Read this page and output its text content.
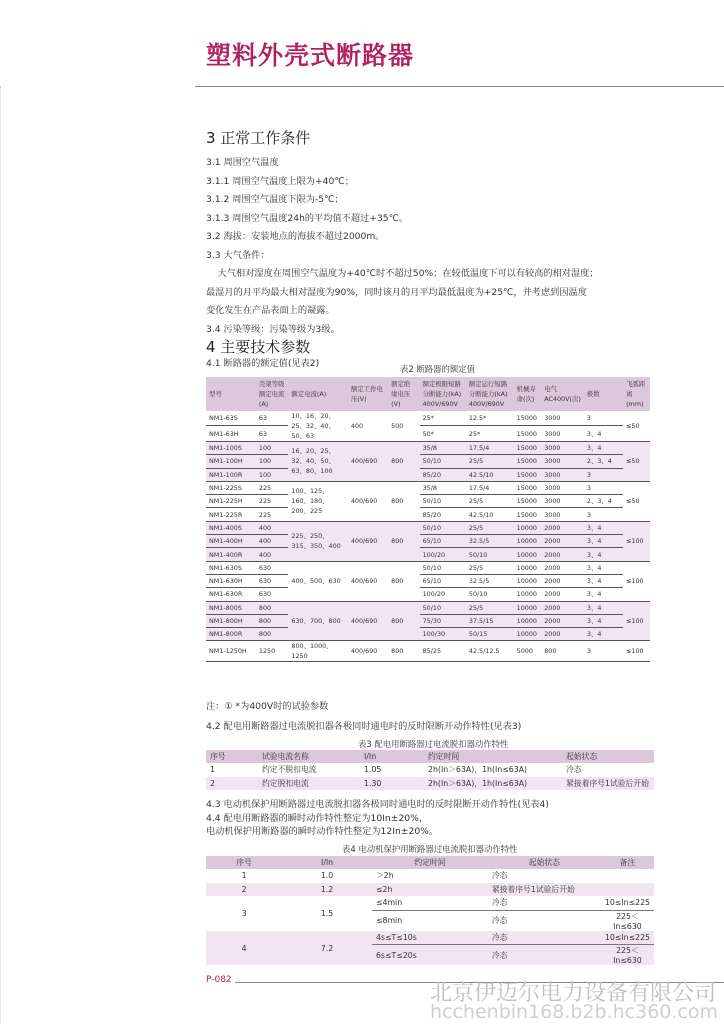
塑料外壳式断路器
3 正常工作条件

3.1 周围空气温度

3.1.1 周围空气温度上限为+40℃；

3.1.2 周围空气温度下限为-5℃；

3.1.3 周围空气温度24h的平均值不超过+35℃。

3.2 海拔：安装地点的海拔不超过2000m。

3.3 大气条件：

大气相对湿度在周围空气温度为+40℃时不超过50%；在较低温度下可以有较高的相对湿度；

最湿月的月平均最大相对湿度为90%，同时该月的月平均最低温度为+25℃，并考虑到因温度

变化发生在产品表面上的凝露。

3.4 污染等级：污染等级为3级。

4 主要技术参数
4.1 断路器的额定值(见表2)	表2 断路器的额定值
型号	壳架等级额定电流(A)	额定电流(A)	额定工作电压(V)	额定绝缘电压(V)	额定极限短路分断能力(kA) 400V/690V	额定运行短路分断能力(kA) 400V/690V	机械寿命(次)	电气AC400V(次)	极数	飞弧距离(mm)
NM1-63S	63	10、16、20、25、32、40、50、63	400	500	25*	12.5*	15000	3000	3	≤50
NM1-63H	63				50*	25*	15000	3000	3、4	
NM1-100S	100	16、20、25、32、40、50、63、80、100	400/690	800	35/8	17.5/4	15000	3000	3、4	≤50
NM1-100H	100				50/10	25/5	15000	3000	2、3、4	
NM1-100R	100				85/20	42.5/10	15000	3000	3	
NM1-225S	225	100、125、160、180、200、225	400/690	800	35/8	17.5/4	15000	3000	3	≤50
NM1-225H	225				50/10	25/5	15000	3000	2、3、4	
NM1-225R	225				85/20	42.5/10	15000	3000	3	
NM1-400S	400	225、250、315、350、400	400/690	800	50/10	25/5	10000	2000	3、4	≤100
NM1-400H	400				65/10	32.5/5	10000	2000	3、4	
NM1-400R	400				100/20	50/10	10000	2000	3、4	
NM1-630S	630	400、500、630	400/690	800	50/10	25/5	10000	2000	3、4	≤100
NM1-630H	630				65/10	32.5/5	10000	2000	3、4	
NM1-630R	630				100/20	50/10	10000	2000	3、4	
NM1-800S	800	630、700、800	400/690	800	50/10	25/5	10000	2000	3、4	≤100
NM1-800H	800				75/30	37.5/15	10000	2000	3、4	
NM1-800R	800				100/30	50/15	10000	2000	3、4	
NM1-1250H	1250	800、1000、1250	400/690	800	85/25	42.5/12.5	5000	800	3	≤100
注：① *为400V时的试验参数
4.2 配电用断路器过电流脱扣器各极同时通电时的反时限断开动作特性(见表3)
表3 配电用断路器过电流脱扣器动作特性
序号	试验电流名称	I/In	约定时间	起始状态
1	约定不脱扣电流	1.05	2h(In＞63A)，1h(In≤63A)	冷态
2	约定脱扣电流	1.30	2h(In＞63A)，1h(In≤63A)	紧接着序号1试验后开始
4.3 电动机保护用断路器过电流脱扣器各极同时通电时的反时限断开动作特性(见表4)
4.4 配电用断路器的瞬时动作特性整定为10In±20%，
电动机保护用断路器的瞬时动作特性整定为12In±20%。
表4 电动机保护用断路器过电流脱扣器动作特性
序号	I/In	约定时间	起始状态	备注
1	1.0	＞2h	冷态	
2	1.2	≤2h	紧接着序号1试验后开始	
3	1.5	≤4min	冷态	10≤In≤225
		≤8min	冷态	225＜In≤630
4	7.2	4s≤T≤10s	冷态	10≤In≤225
		6s≤T≤20s	冷态	225＜In≤630
P-082
北京伊迈尔电力设备有限公司
hcchenbin168.b2b.hc360.com
